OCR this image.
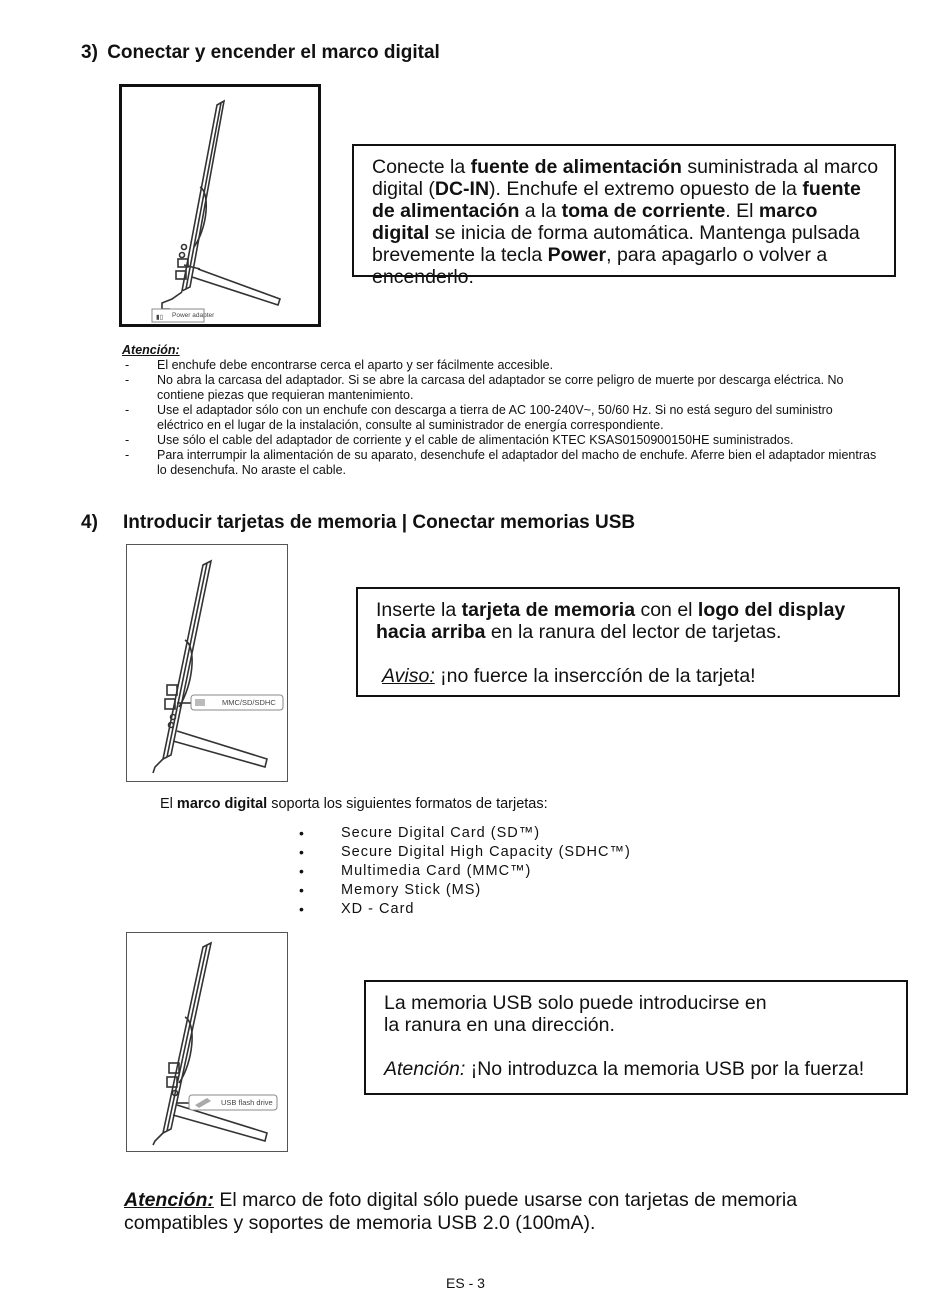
3) Conectar y encender el marco digital
▮▯ Power adapter
Conecte la fuente de alimentación suministrada al marco digital (DC-IN). Enchufe el extremo opuesto de la fuente de alimentación a la toma de corriente. El marco digital se inicia de forma automática. Mantenga pulsada brevemente la tecla Power, para apagarlo o volver a encenderlo.
Atención:
- El enchufe debe encontrarse cerca el aparto y ser fácilmente accesible.
- No abra la carcasa del adaptador. Si se abre la carcasa del adaptador se corre peligro de muerte por descarga eléctrica. No contiene piezas que requieran mantenimiento.
- Use el adaptador sólo con un enchufe con descarga a tierra de AC 100-240V~, 50/60 Hz. Si no está seguro del suministro eléctrico en el lugar de la instalación, consulte al suministrador de energía correspondiente.
- Use sólo el cable del adaptador de corriente y el cable de alimentación KTEC KSAS0150900150HE suministrados.
- Para interrumpir la alimentación de su aparato, desenchufe el adaptador del macho de enchufe. Aferre bien el adaptador mientras lo desenchufa. No araste el cable.
4) Introducir tarjetas de memoria | Conectar memorias USB
MMC/SD/SDHC
Inserte la tarjeta de memoria con el logo del display hacia arriba en la ranura del lector de tarjetas.
Aviso: ¡no fuerce la inserccíón de la tarjeta!
El marco digital soporta los siguientes formatos de tarjetas:
• Secure Digital Card (SD™)
• Secure Digital High Capacity (SDHC™)
• Multimedia Card (MMC™)
• Memory Stick (MS)
• XD - Card
USB flash drive
La memoria USB solo puede introducirse en
la ranura en una dirección.
Atención: ¡No introduzca la memoria USB por la fuerza!
Atención: El marco de foto digital sólo puede usarse con tarjetas de memoria compatibles y soportes de memoria USB 2.0 (100mA).
ES - 3
